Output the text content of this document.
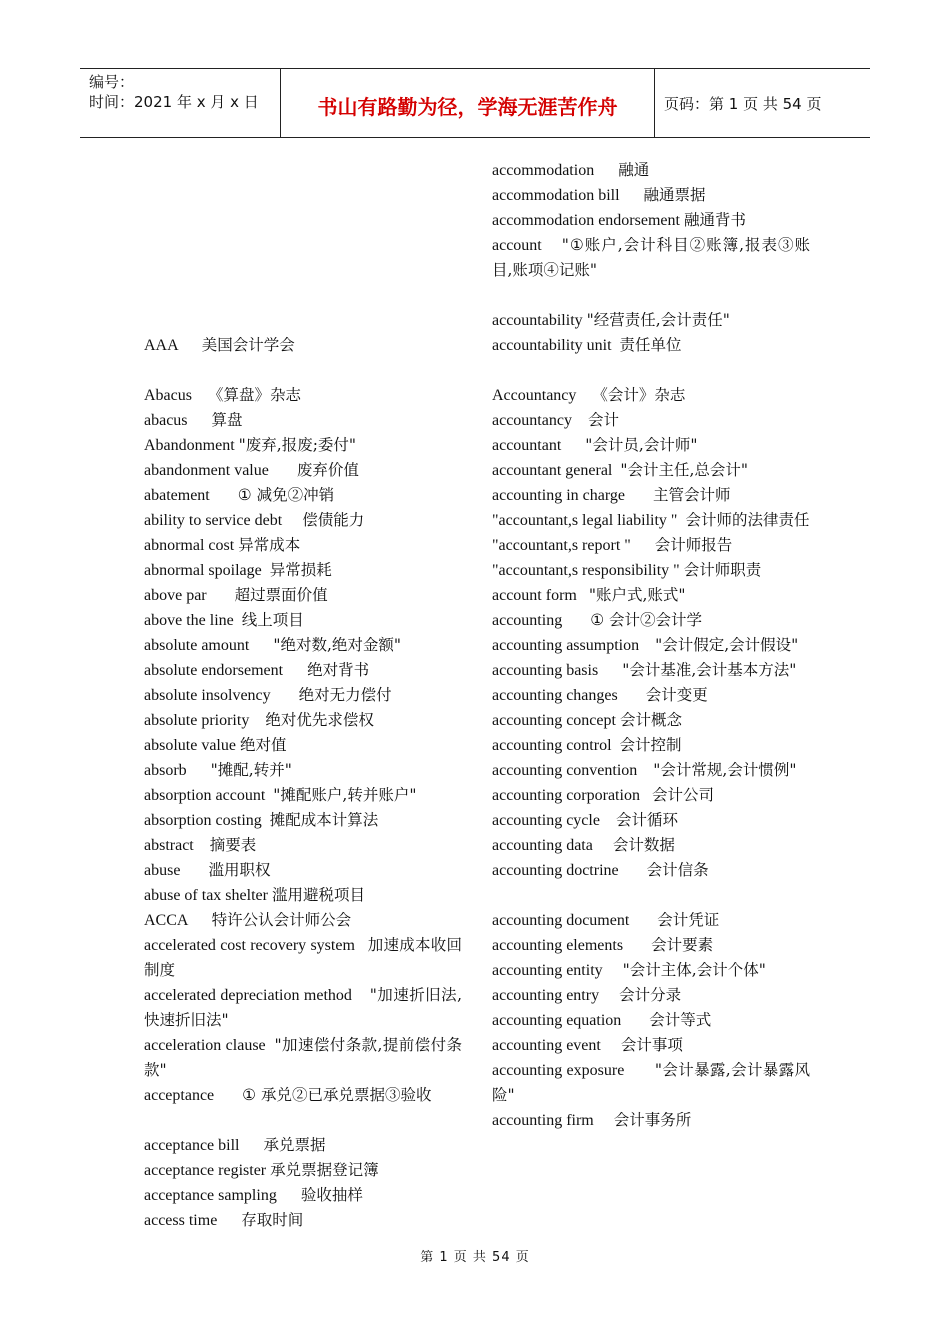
编号：
时间：2021 年 x 月 x 日	书山有路勤为径，学海无涯苦作舟	页码：第 1 页 共 54 页
AAA 美国会计学会
Abacus 《算盘》杂志
abacus 算盘
Abandonment "废弃,报废;委付"
abandonment value 废弃价值
abatement ① 减免②冲销
ability to service debt 偿债能力
abnormal cost 异常成本
abnormal spoilage 异常损耗
above par 超过票面价值
above the line 线上项目
absolute amount "绝对数,绝对金额"
absolute endorsement 绝对背书
absolute insolvency 绝对无力偿付
absolute priority 绝对优先求偿权
absolute value 绝对值
absorb "摊配,转并"
absorption account "摊配账户,转并账户"
absorption costing 摊配成本计算法
abstract 摘要表
abuse 滥用职权
abuse of tax shelter 滥用避税项目
ACCA 特许公认会计师公会
accelerated cost recovery system 加速成本收回制度
accelerated depreciation method "加速折旧法,快速折旧法"
acceleration clause "加速偿付条款,提前偿付条款"
acceptance ① 承兑②已承兑票据③验收
acceptance bill 承兑票据
acceptance register 承兑票据登记簿
acceptance sampling 验收抽样
access time 存取时间
accommodation 融通
accommodation bill 融通票据
accommodation endorsement 融通背书
account "①账户,会计科目②账簿,报表③账目,账项④记账"
accountability "经营责任,会计责任"
accountability unit 责任单位
Accountancy 《会计》杂志
accountancy 会计
accountant "会计员,会计师"
accountant general "会计主任,总会计"
accounting in charge 主管会计师
"accountant,s legal liability " 会计师的法律责任
"accountant,s report " 会计师报告
"accountant,s responsibility " 会计师职责
account form "账户式,账式"
accounting ① 会计②会计学
accounting assumption "会计假定,会计假设"
accounting basis "会计基准,会计基本方法"
accounting changes 会计变更
accounting concept 会计概念
accounting control 会计控制
accounting convention "会计常规,会计惯例"
accounting corporation 会计公司
accounting cycle 会计循环
accounting data 会计数据
accounting doctrine 会计信条
accounting document 会计凭证
accounting elements 会计要素
accounting entity "会计主体,会计个体"
accounting entry 会计分录
accounting equation 会计等式
accounting event 会计事项
accounting exposure "会计暴露,会计暴露风险"
accounting firm 会计事务所
第 1 页 共 54 页
